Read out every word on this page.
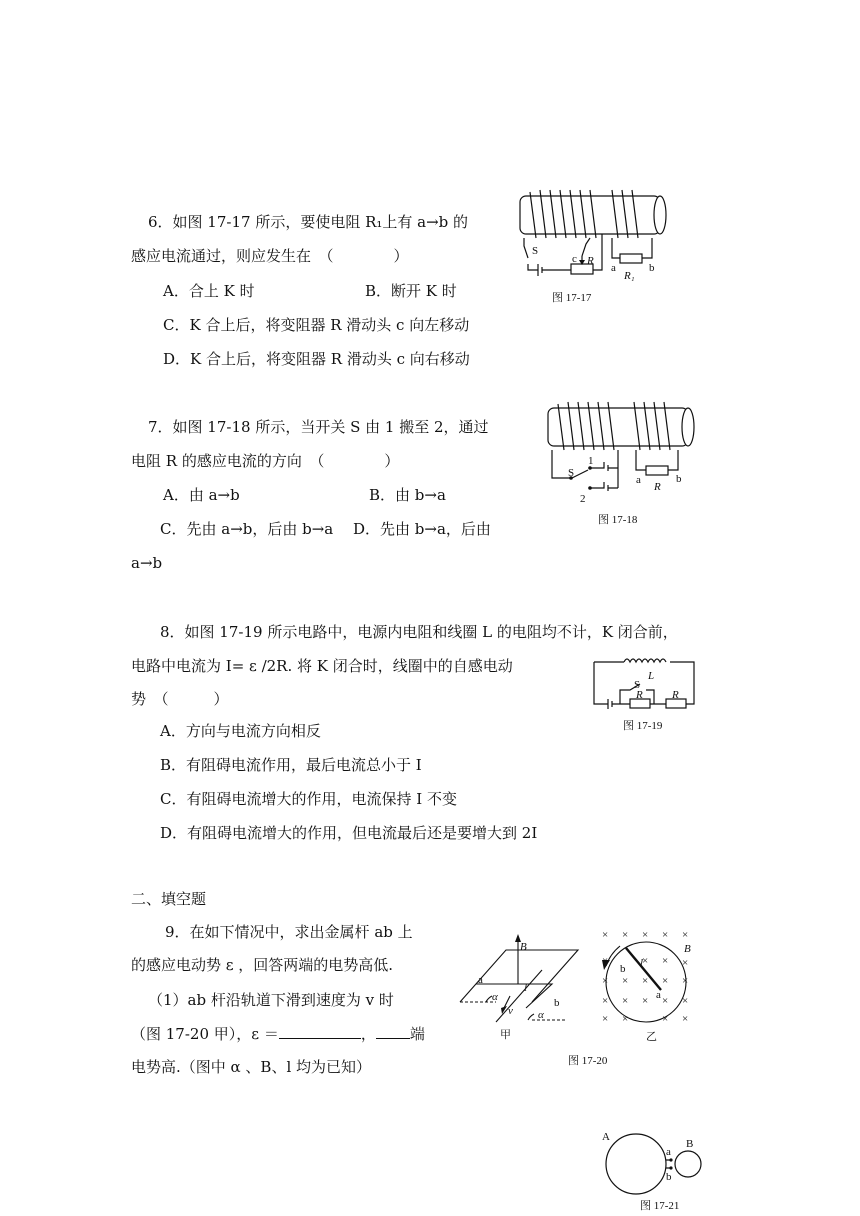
6．如图 17-17 所示，要使电阻 R₁上有 a→b 的
感应电流通过，则应发生在　（　　　　）
A．合上 K 时	B．断开 K 时
C．K 合上后，将变阻器 R 滑动头 c 向左移动
D．K 合上后，将变阻器 R 滑动头 c 向右移动
S
c R
a	b
R₁
图 17-17
7．如图 17-18 所示，当开关 S 由 1 搬至 2，通过
电阻 R 的感应电流的方向　（　　　　）
A．由 a→b	B．由 b→a
C．先由 a→b，后由 b→a　 D．先由 b→a，后由
a→b
S
1
2
a
R
b
图 17-18
8．如图 17-19 所示电路中，电源内电阻和线圈 L 的电阻均不计，K 闭合前，
电路中电流为 I= ε /2R. 将 K 闭合时，线圈中的自感电动
势　（　　　）
A．方向与电流方向相反
B．有阻碍电流作用，最后电流总小于 I
C．有阻碍电流增大的作用，电流保持 I 不变
D．有阻碍电流增大的作用，但电流最后还是要增大到 2I
L
S
R	R
图 17-19
二、填空题
9．在如下情况中，求出金属杆 ab 上
的感应电动势 ε ，回答两端的电势高低.
（1）ab 杆沿轨道下滑到速度为 v 时
（图 17-20 甲），ε ＝	， 端
电势高.（图中 α 、B、l 均为已知）
B
a
b
l
v
α
α
甲
B
b l
a
乙
× × × × ×
×	× ×
× × × × ×
× × × × ×
× ×	× ×
×
图 17-20
A
B
a
b
图 17-21
